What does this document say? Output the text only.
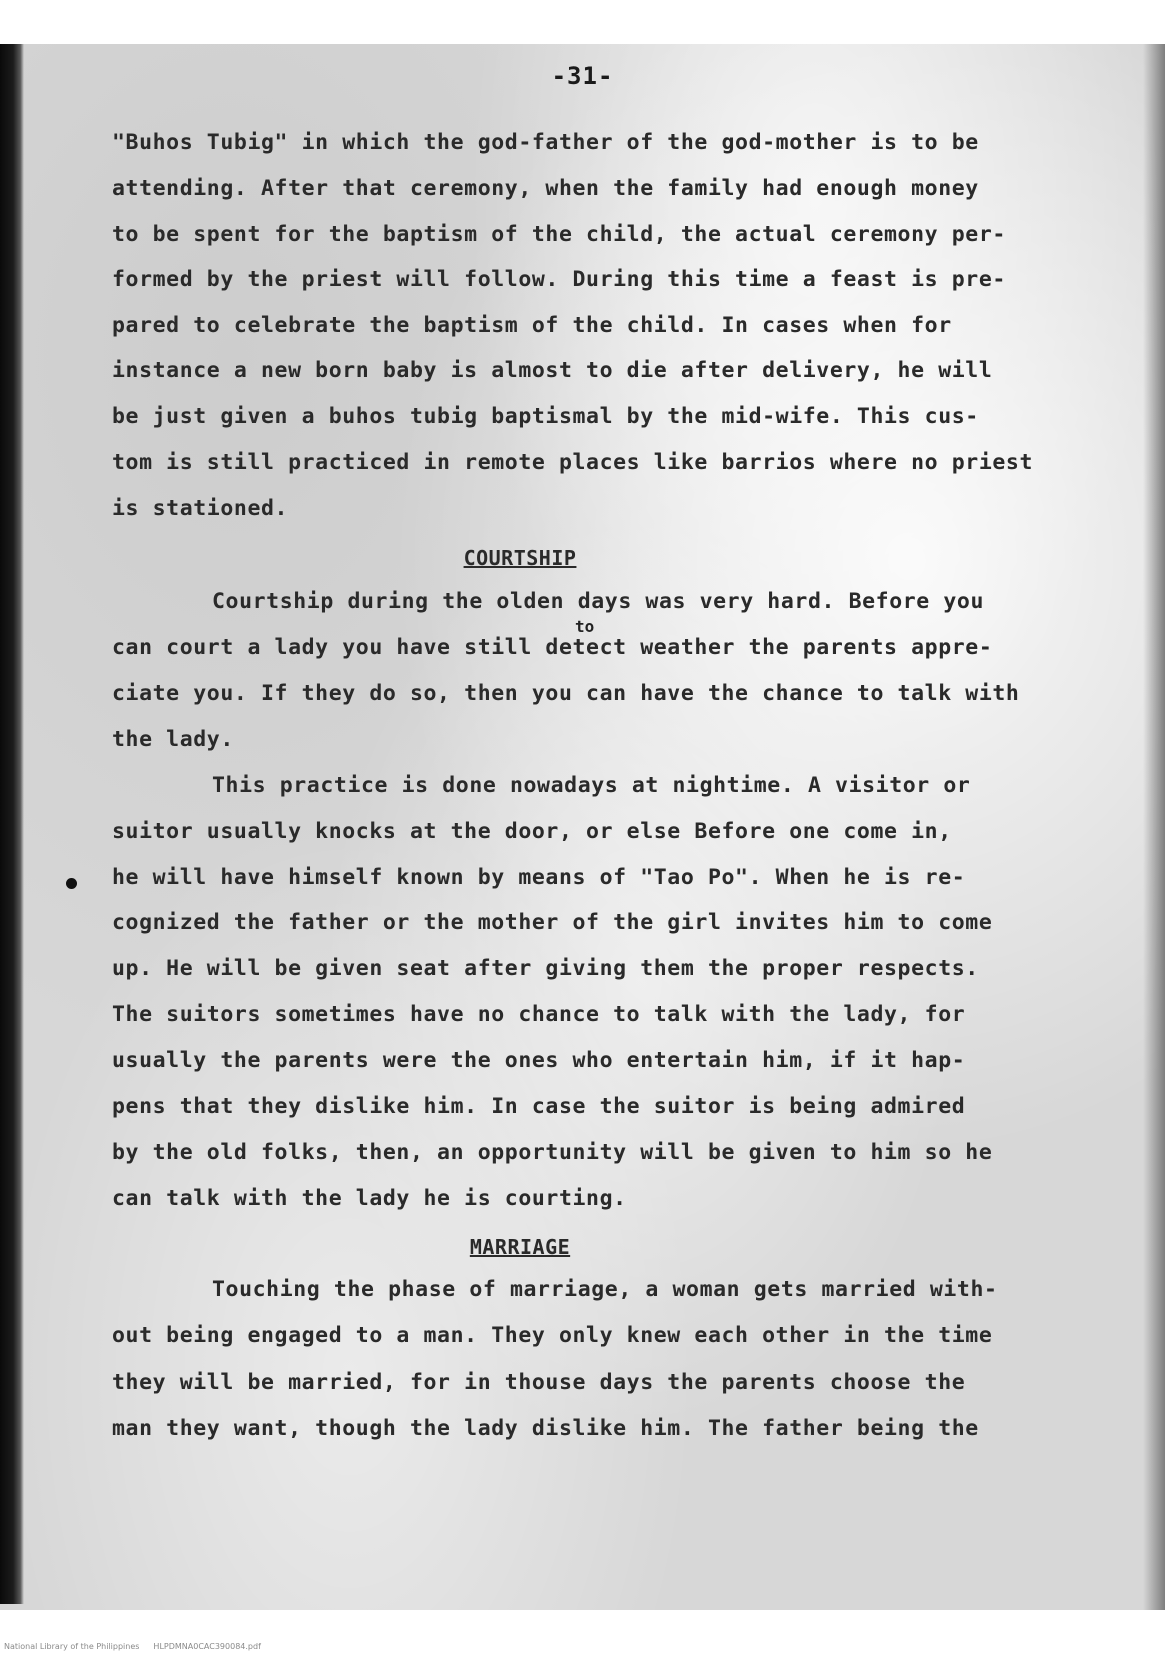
-31-
"Buhos Tubig" in which the god-father of the god-mother is to be
attending. After that ceremony, when the family had enough money
to be spent for the baptism of the child, the actual ceremony per-
formed by the priest will follow. During this time a feast is pre-
pared to celebrate the baptism of the child. In cases when for
instance a new born baby is almost to die after delivery, he will
be just given a buhos tubig baptismal by the mid-wife. This cus-
tom is still practiced in remote places like barrios where no priest
is stationed.
COURTSHIP
Courtship during the olden days was very hard. Before you
to
can court a lady you have still detect weather the parents appre-
ciate you. If they do so, then you can have the chance to talk with
the lady.
This practice is done nowadays at nightime. A visitor or
suitor usually knocks at the door, or else Before one come in,
he will have himself known by means of "Tao Po". When he is re-
cognized the father or the mother of the girl invites him to come
up. He will be given seat after giving them the proper respects.
The suitors sometimes have no chance to talk with the lady, for
usually the parents were the ones who entertain him, if it hap-
pens that they dislike him. In case the suitor is being admired
by the old folks, then, an opportunity will be given to him so he
can talk with the lady he is courting.
MARRIAGE
Touching the phase of marriage, a woman gets married with-
out being engaged to a man. They only knew each other in the time
they will be married, for in thouse days the parents choose the
man they want, though the lady dislike him. The father being the
National Library of the Philippines HLPDMNA0CAC390084.pdf
